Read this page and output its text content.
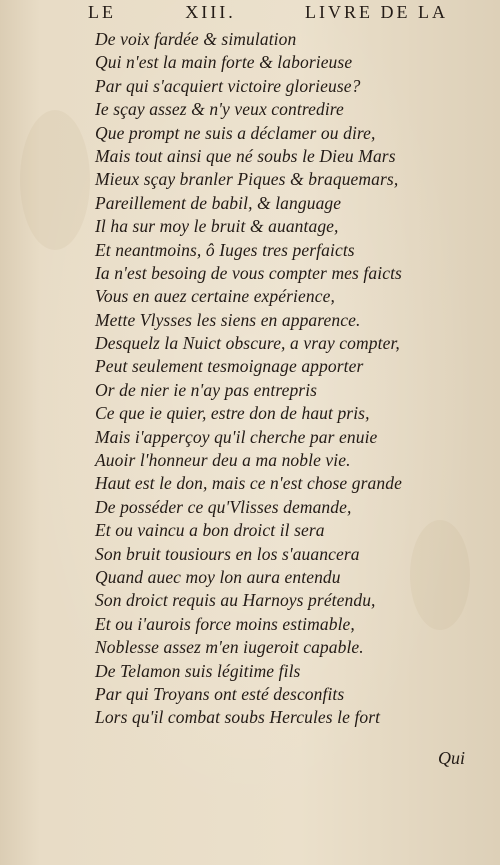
LE	XIII.	LIVRE DE LA
De voix fardée & simulation
Qui n'est la main forte & laborieuse
Par qui s'acquiert victoire glorieuse?
Ie sçay assez & n'y veux contredire
Que prompt ne suis a déclamer ou dire,
Mais tout ainsi que né soubs le Dieu Mars
Mieux sçay branler Piques & braquemars,
Pareillement de babil, & language
Il ha sur moy le bruit & auantage,
Et neantmoins, ô Iuges tres perfaicts
Ia n'est besoing de vous compter mes faicts
Vous en auez certaine expérience,
Mette Vlysses les siens en apparence.
Desquelz la Nuict obscure, a vray compter,
Peut seulement tesmoignage apporter
Or de nier ie n'ay pas entrepris
Ce que ie quier, estre don de haut pris,
Mais i'apperçoy qu'il cherche par enuie
Auoir l'honneur deu a ma noble vie.
Haut est le don, mais ce n'est chose grande
De posséder ce qu'Vlisses demande,
Et ou vaincu a bon droict il sera
Son bruit tousiours en los s'auancera
Quand auec moy lon aura entendu
Son droict requis au Harnoys prétendu,
Et ou i'aurois force moins estimable,
Noblesse assez m'en iugeroit capable.
De Telamon suis légitime fils
Par qui Troyans ont esté desconfits
Lors qu'il combat soubs Hercules le fort
Qui
